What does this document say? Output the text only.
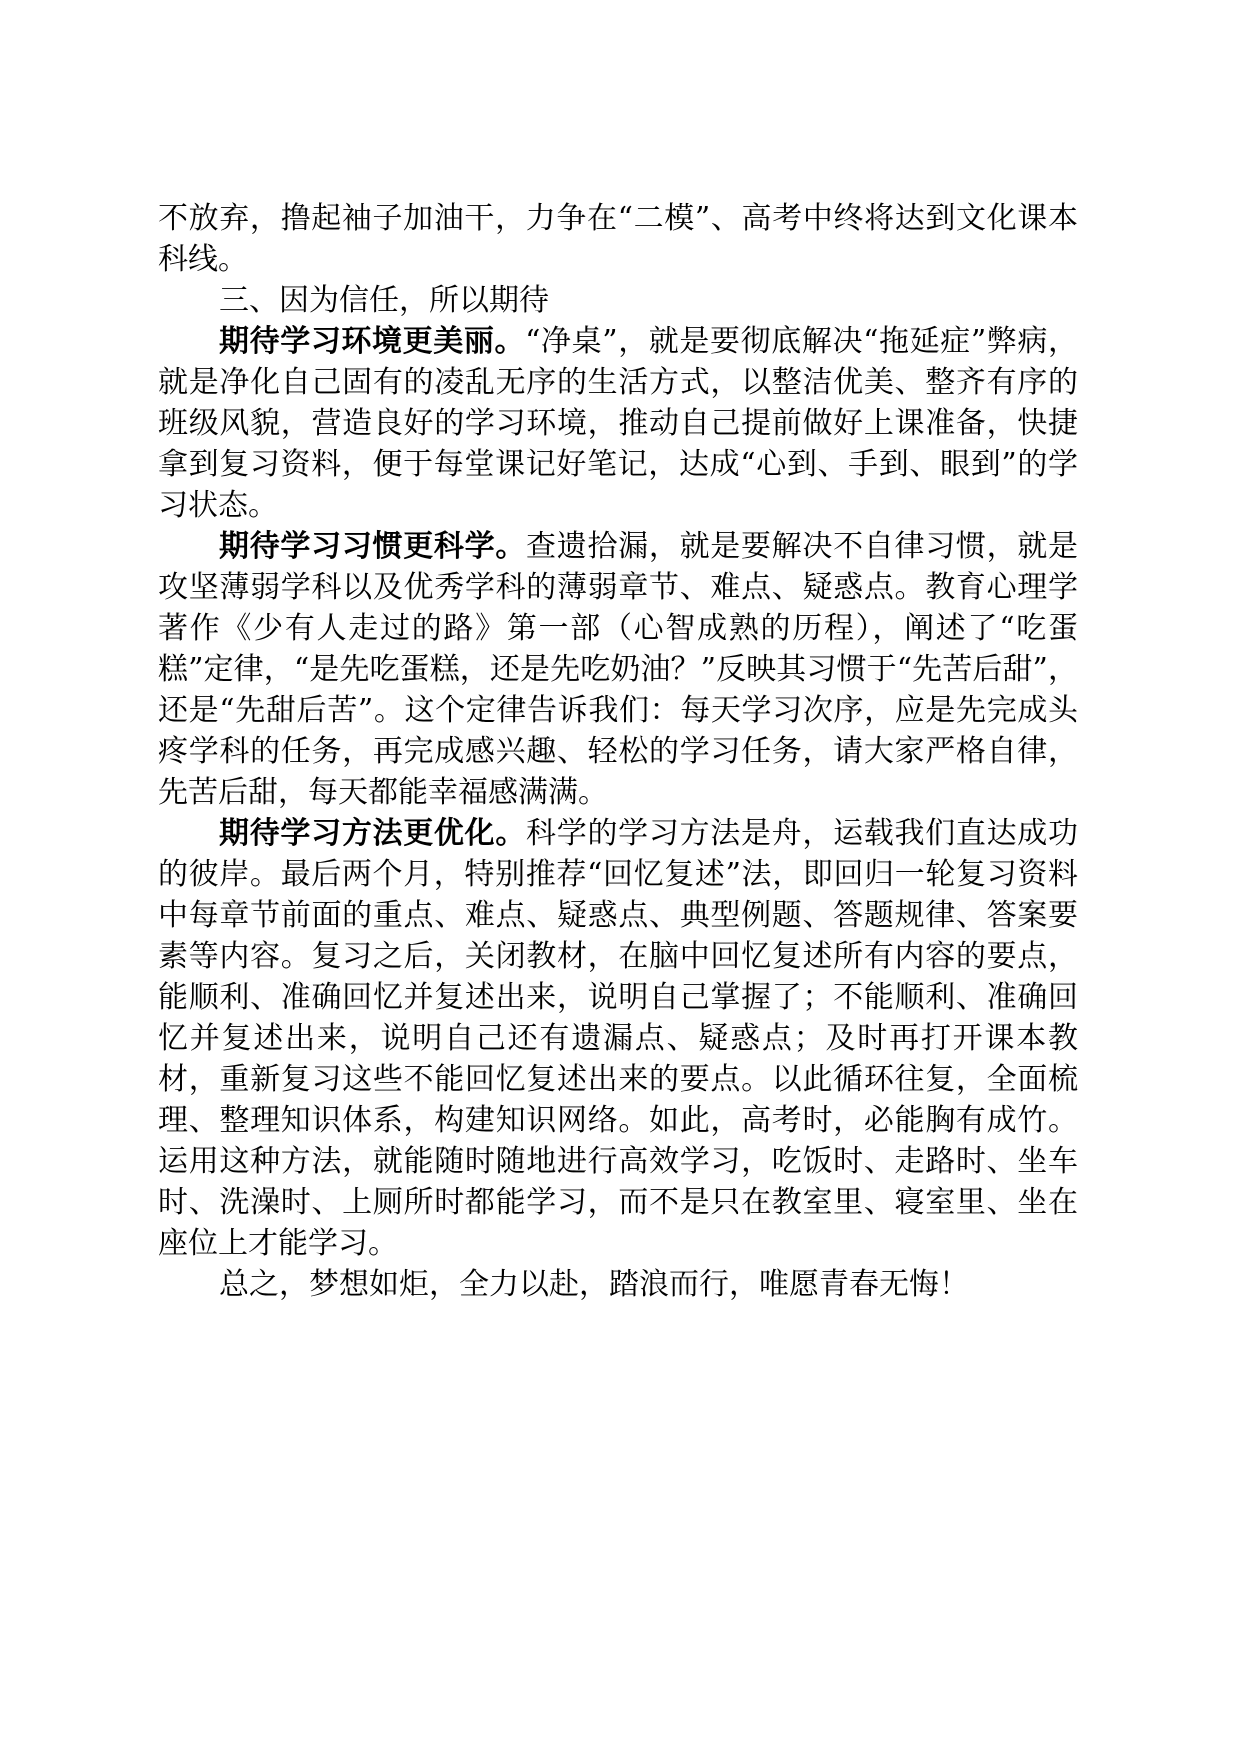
不放弃，撸起袖子加油干，力争在“二模”、高考中终将达到文化课本科线。

三、因为信任，所以期待

期待学习环境更美丽。“净桌”，就是要彻底解决“拖延症”弊病，就是净化自己固有的凌乱无序的生活方式，以整洁优美、整齐有序的班级风貌，营造良好的学习环境，推动自己提前做好上课准备，快捷拿到复习资料，便于每堂课记好笔记，达成“心到、手到、眼到”的学习状态。

期待学习习惯更科学。查遗拾漏，就是要解决不自律习惯，就是攻坚薄弱学科以及优秀学科的薄弱章节、难点、疑惑点。教育心理学著作《少有人走过的路》第一部（心智成熟的历程），阐述了“吃蛋糕”定律，“是先吃蛋糕，还是先吃奶油？”反映其习惯于“先苦后甜”，还是“先甜后苦”。这个定律告诉我们：每天学习次序，应是先完成头疼学科的任务，再完成感兴趣、轻松的学习任务，请大家严格自律，先苦后甜，每天都能幸福感满满。

期待学习方法更优化。科学的学习方法是舟，运载我们直达成功的彼岸。最后两个月，特别推荐“回忆复述”法，即回归一轮复习资料中每章节前面的重点、难点、疑惑点、典型例题、答题规律、答案要素等内容。复习之后，关闭教材，在脑中回忆复述所有内容的要点，能顺利、准确回忆并复述出来，说明自己掌握了；不能顺利、准确回忆并复述出来，说明自己还有遗漏点、疑惑点；及时再打开课本教材，重新复习这些不能回忆复述出来的要点。以此循环往复，全面梳理、整理知识体系，构建知识网络。如此，高考时，必能胸有成竹。运用这种方法，就能随时随地进行高效学习，吃饭时、走路时、坐车时、洗澡时、上厕所时都能学习，而不是只在教室里、寝室里、坐在座位上才能学习。

总之，梦想如炬，全力以赴，踏浪而行，唯愿青春无悔！
